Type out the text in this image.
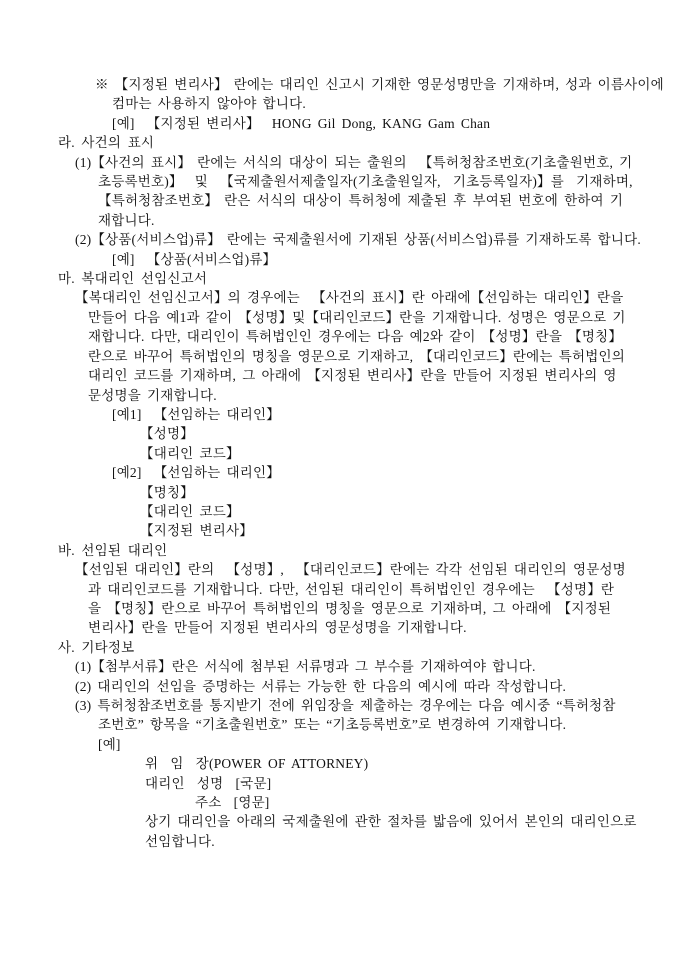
※ 【지정된 변리사】 란에는 대리인 신고시 기재한 영문성명만을 기재하며, 성과 이름사이에
컴마는 사용하지 않아야 합니다.
[예]  【지정된 변리사】  HONG Gil Dong, KANG Gam Chan
라. 사건의 표시
(1)【사건의 표시】 란에는 서식의 대상이 되는 출원의  【특허청참조번호(기초출원번호, 기
초등록번호)】  및  【국제출원서제출일자(기초출원일자,  기초등록일자)】를  기재하며,
【특허청참조번호】 란은 서식의 대상이 특허청에 제출된 후 부여된 번호에 한하여 기
재합니다.
(2)【상품(서비스업)류】 란에는 국제출원서에 기재된 상품(서비스업)류를 기재하도록 합니다.
[예]  【상품(서비스업)류】
마. 복대리인 선임신고서
【복대리인 선임신고서】의 경우에는  【사건의 표시】란 아래에【선임하는 대리인】란을
만들어 다음 예1과 같이 【성명】및【대리인코드】란을 기재합니다. 성명은 영문으로 기
재합니다. 다만, 대리인이 특허법인인 경우에는 다음 예2와 같이 【성명】란을 【명칭】
란으로 바꾸어 특허법인의 명칭을 영문으로 기재하고, 【대리인코드】란에는 특허법인의
대리인 코드를 기재하며, 그 아래에 【지정된 변리사】란을 만들어 지정된 변리사의 영
문성명을 기재합니다.
[예1]  【선임하는 대리인】
【성명】
【대리인 코드】
[예2]  【선임하는 대리인】
【명칭】
【대리인 코드】
【지정된 변리사】
바. 선임된 대리인
【선임된 대리인】란의  【성명】,  【대리인코드】란에는 각각 선임된 대리인의 영문성명
과 대리인코드를 기재합니다. 다만, 선임된 대리인이 특허법인인 경우에는  【성명】란
을 【명칭】란으로 바꾸어 특허법인의 명칭을 영문으로 기재하며, 그 아래에 【지정된
변리사】란을 만들어 지정된 변리사의 영문성명을 기재합니다.
사. 기타정보
(1)【첨부서류】란은 서식에 첨부된 서류명과 그 부수를 기재하여야 합니다.
(2) 대리인의 선임을 증명하는 서류는 가능한 한 다음의 예시에 따라 작성합니다.
(3) 특허청참조번호를 통지받기 전에 위임장을 제출하는 경우에는 다음 예시중 “특허청참
조번호” 항목을 “기초출원번호” 또는 “기초등록번호”로 변경하여 기재합니다.
[예]
위  임  장(POWER OF ATTORNEY)
대리인  성명  [국문]
주소  [영문]
상기 대리인을 아래의 국제출원에 관한 절차를 밟음에 있어서 본인의 대리인으로
선임합니다.
